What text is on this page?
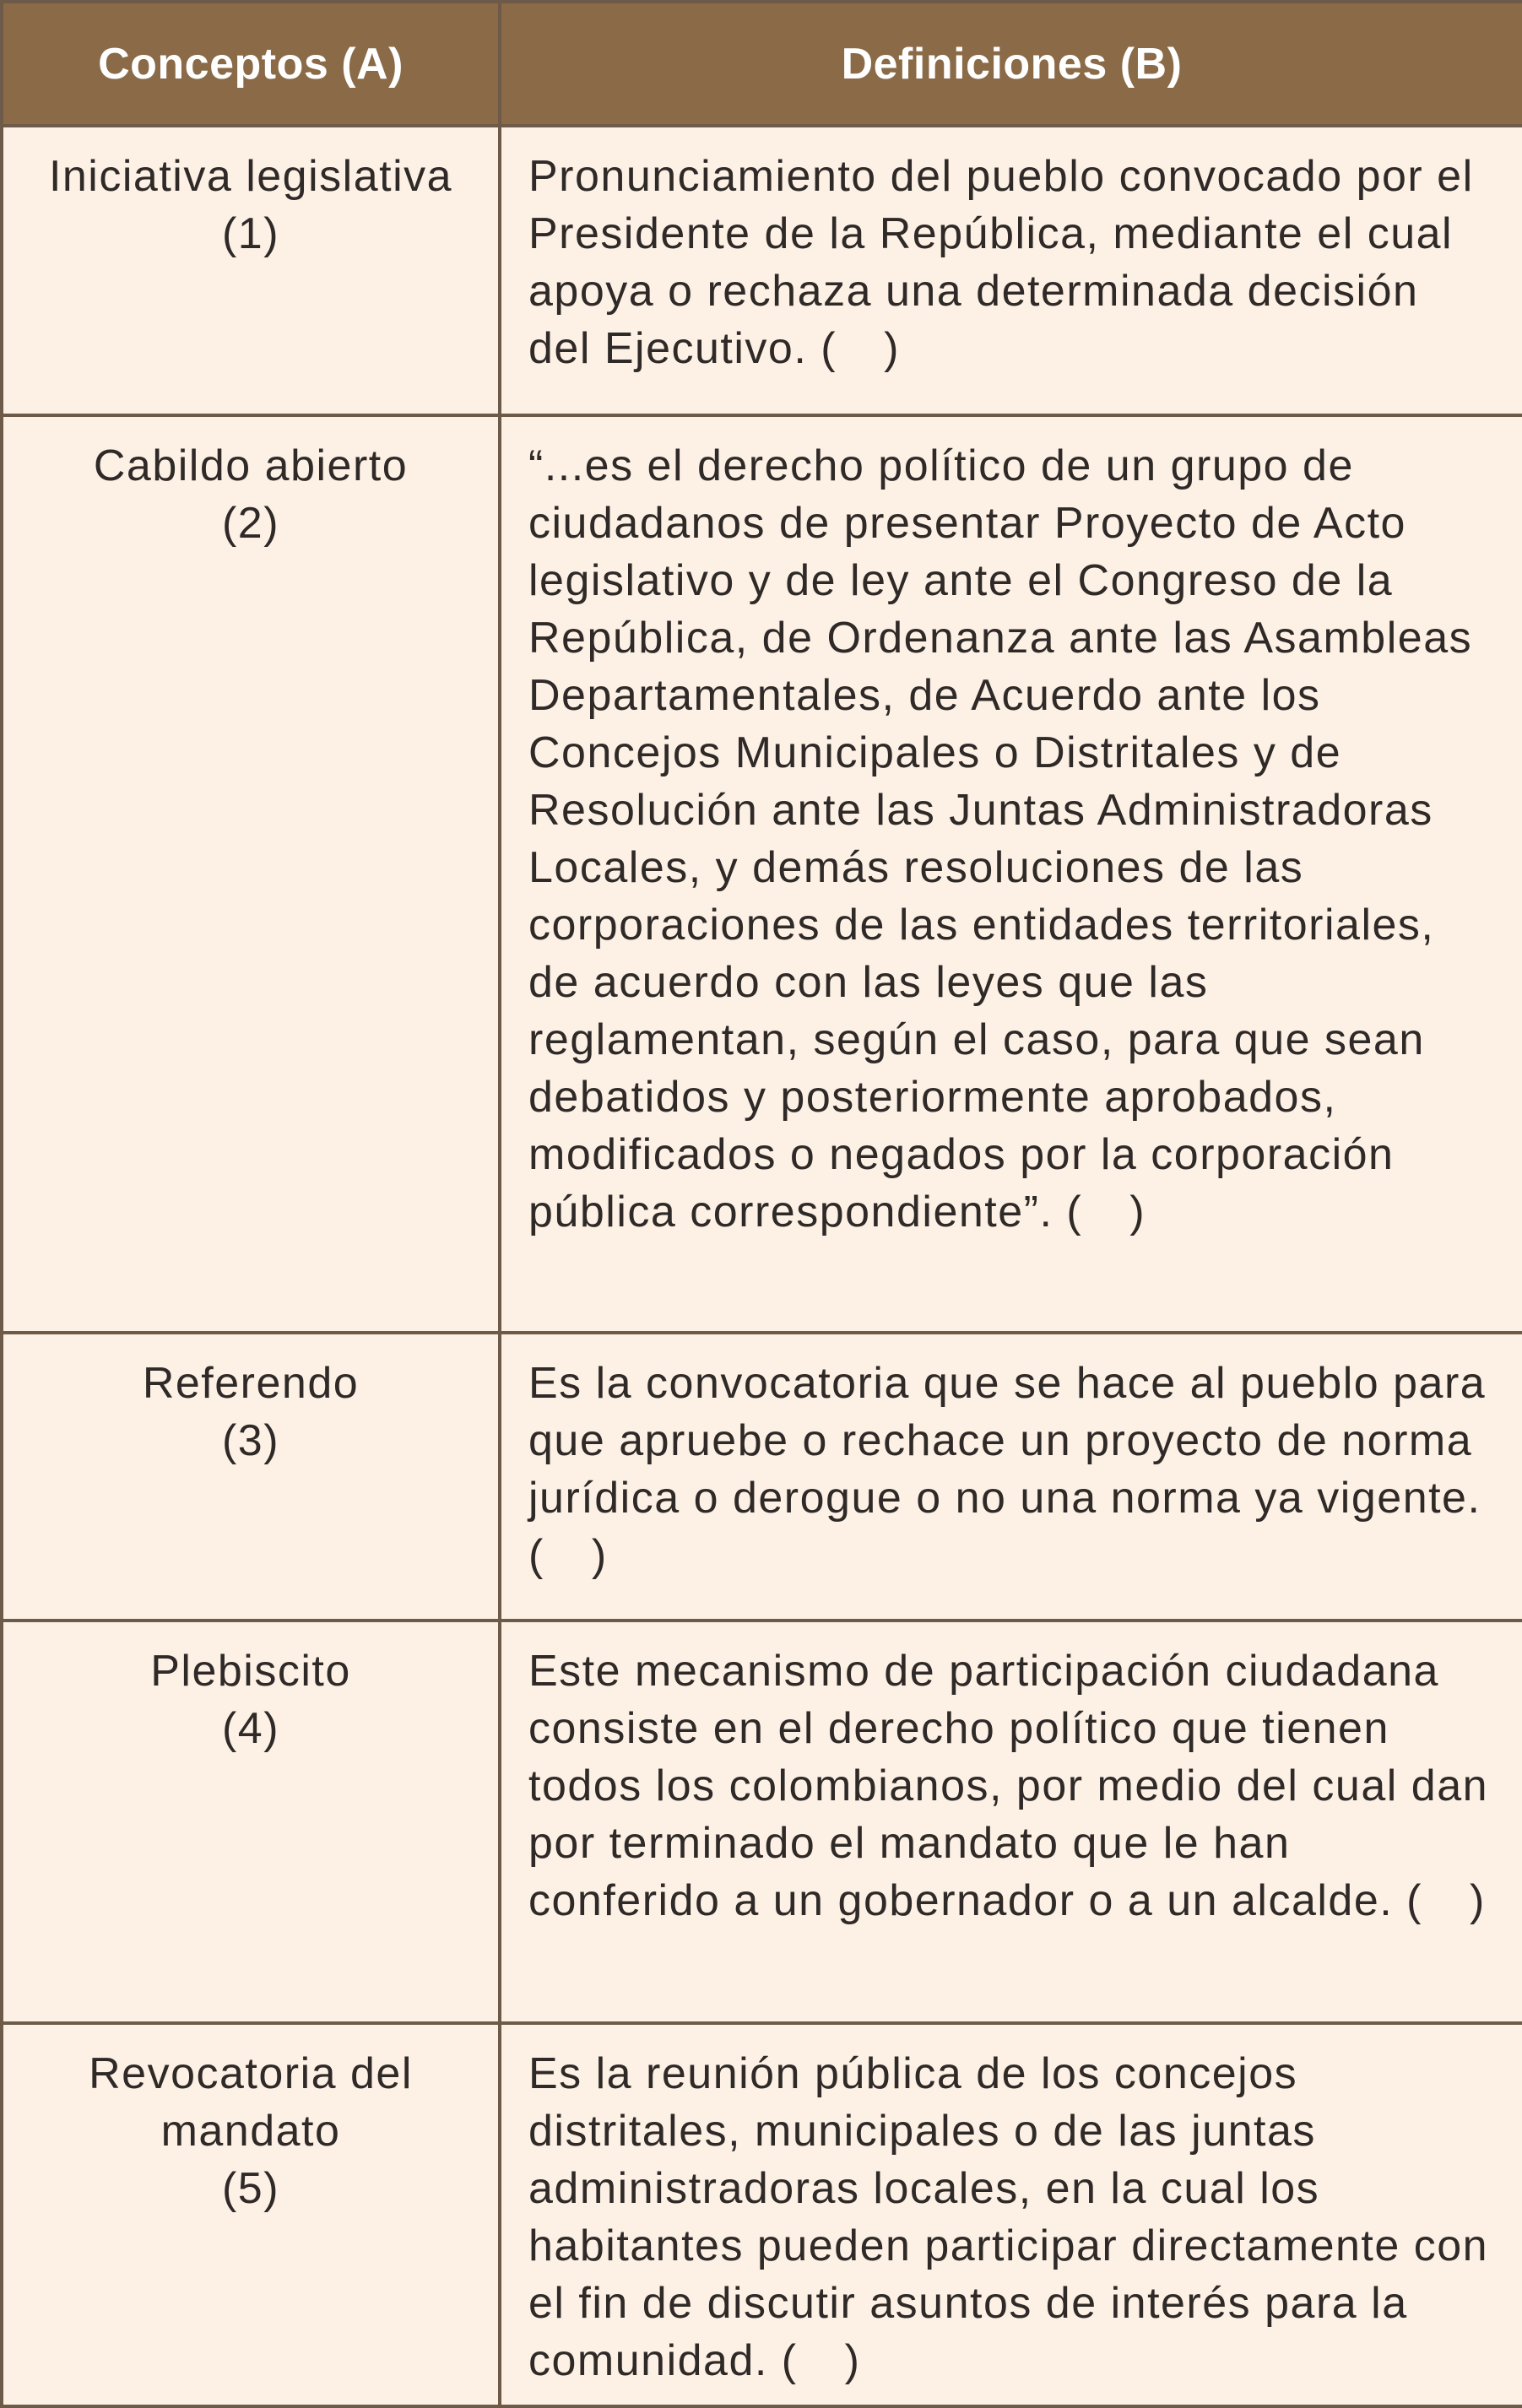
Conceptos (A)	Definiciones (B)

Iniciativa legislativa
(1)	Pronunciamiento del pueblo convocado por el Presidente de la República, mediante el cual apoya o rechaza una determinada decisión del Ejecutivo. ( )

Cabildo abierto
(2)	“...es el derecho político de un grupo de ciudadanos de presentar Proyecto de Acto legislativo y de ley ante el Congreso de la República, de Ordenanza ante las Asambleas Departamentales, de Acuerdo ante los Concejos Municipales o Distritales y de Resolución ante las Juntas Administradoras Locales, y demás resoluciones de las corporaciones de las entidades territoriales, de acuerdo con las leyes que las reglamentan, según el caso, para que sean debatidos y posteriormente aprobados, modificados o negados por la corporación pública correspondiente”. ( )

Referendo
(3)	Es la convocatoria que se hace al pueblo para que apruebe o rechace un proyecto de norma jurídica o derogue o no una norma ya vigente. ( )

Plebiscito
(4)	Este mecanismo de participación ciudadana consiste en el derecho político que tienen todos los colombianos, por medio del cual dan por terminado el mandato que le han conferido a un gobernador o a un alcalde. ( )

Revocatoria del mandato
(5)	Es la reunión pública de los concejos distritales, municipales o de las juntas administradoras locales, en la cual los habitantes pueden participar directamente con el fin de discutir asuntos de interés para la comunidad. ( )
